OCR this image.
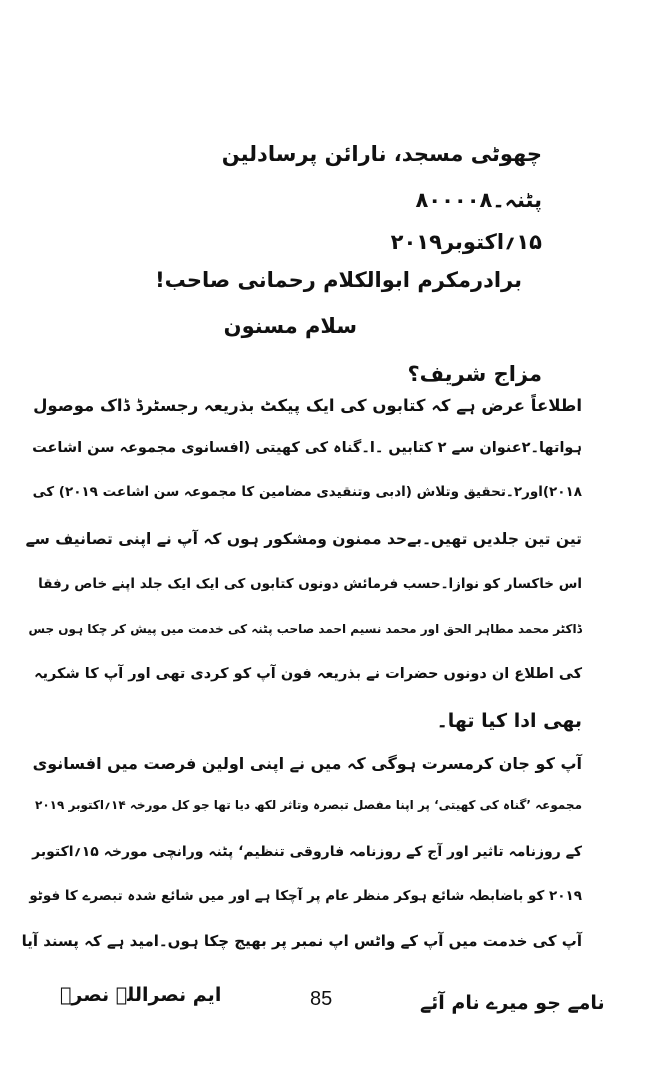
چھوٹی مسجد، نارائن پرسادلین
پٹنہ۔۸۰۰۰۰۸
۱۵؍اکتوبر۲۰۱۹
برادرمکرم ابوالکلام رحمانی صاحب!
سلام مسنون
مزاج شریف؟
اطلاعاً عرض ہے کہ کتابوں کی ایک پیکٹ بذریعہ رجسٹرڈ ڈاک موصول
ہواتھا۔۲عنوان سے ۲ کتابیں ۔ا۔گناہ کی کھیتی (افسانوی مجموعہ سن اشاعت
۲۰۱۸)اور۲۔تحقیق وتلاش (ادبی وتنقیدی مضامین کا مجموعہ سن اشاعت ۲۰۱۹) کی
تین تین جلدیں تھیں۔بےحد ممنون ومشکور ہوں کہ آپ نے اپنی تصانیف سے
اس خاکسار کو نوازا۔حسب فرمائش دونوں کتابوں کی ایک ایک جلد اپنے خاص رفقا
ڈاکٹر محمد مطاہر الحق اور محمد نسیم احمد صاحب پٹنہ کی خدمت میں پیش کر چکا ہوں جس
کی اطلاع ان دونوں حضرات نے بذریعہ فون آپ کو کردی تھی اور آپ کا شکریہ
بھی ادا کیا تھا۔
آپ کو جان کرمسرت ہوگی کہ میں نے اپنی اولین فرصت میں افسانوی
مجموعہ ’گناہ کی کھیتی‘ پر اپنا مفصل تبصرہ وتاثر لکھ دیا تھا جو کل مورخہ ۱۴؍اکتوبر ۲۰۱۹
کے روزنامہ تاثیر اور آج کے روزنامہ فاروقی تنظیم‘ پٹنہ ورانچی مورخہ ۱۵؍اکتوبر
۲۰۱۹ کو باضابطہ شائع ہوکر منظر عام پر آچکا ہے اور میں شائع شدہ تبصرے کا فوٹو
آپ کی خدمت میں آپ کے واٹس اپ نمبر پر بھیج چکا ہوں۔امید ہے کہ پسند آیا
ایم نصراللہ نصرؔ	85	نامے جو میرے نام آئے
